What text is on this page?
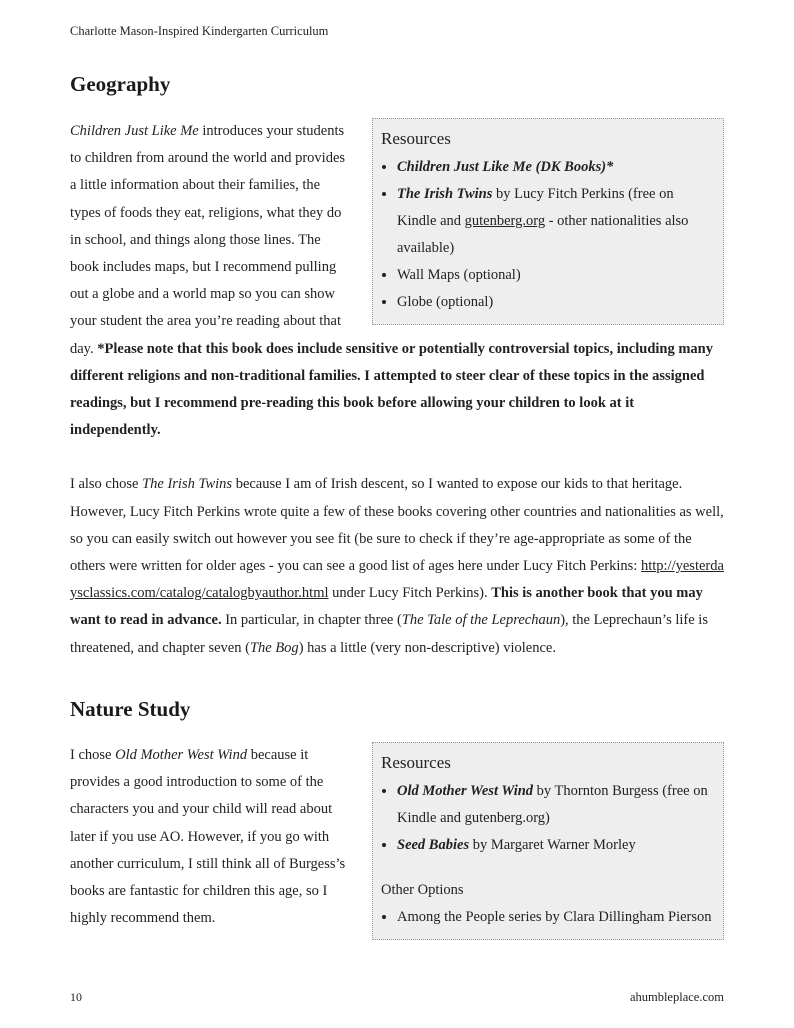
Charlotte Mason-Inspired Kindergarten Curriculum
Geography
Resources
• Children Just Like Me (DK Books)*
• The Irish Twins by Lucy Fitch Perkins (free on Kindle and gutenberg.org - other nationalities also available)
• Wall Maps (optional)
• Globe (optional)

Children Just Like Me introduces your students to children from around the world and provides a little information about their families, the types of foods they eat, religions, what they do in school, and things along those lines. The book includes maps, but I recommend pulling out a globe and a world map so you can show your student the area you’re reading about that day. *Please note that this book does include sensitive or potentially controversial topics, including many different religions and non-traditional families. I attempted to steer clear of these topics in the assigned readings, but I recommend pre-reading this book before allowing your children to look at it independently.

I also chose The Irish Twins because I am of Irish descent, so I wanted to expose our kids to that heritage. However, Lucy Fitch Perkins wrote quite a few of these books covering other countries and nationalities as well, so you can easily switch out however you see fit (be sure to check if they’re age-appropriate as some of the others were written for older ages - you can see a good list of ages here under Lucy Fitch Perkins: http://yesterdaysclassics.com/catalog/catalogbyauthor.html under Lucy Fitch Perkins). This is another book that you may want to read in advance. In particular, in chapter three (The Tale of the Leprechaun), the Leprechaun’s life is threatened, and chapter seven (The Bog) has a little (very non-descriptive) violence.

Nature Study
Resources
• Old Mother West Wind by Thornton Burgess (free on Kindle and gutenberg.org)
• Seed Babies by Margaret Warner Morley
Other Options
• Among the People series by Clara Dillingham Pierson

I chose Old Mother West Wind because it provides a good introduction to some of the characters you and your child will read about later if you use AO. However, if you go with another curriculum, I still think all of Burgess’s books are fantastic for children this age, so I highly recommend them.

10	ahumbleplace.com
